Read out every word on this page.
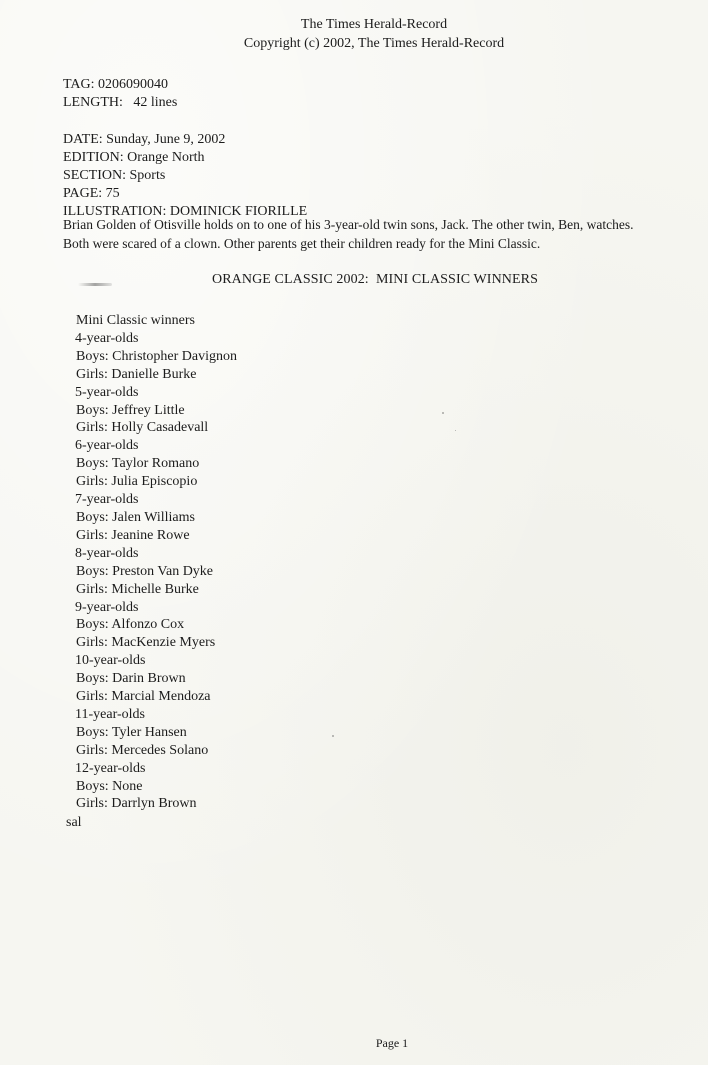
The Times Herald-Record
Copyright (c) 2002, The Times Herald-Record
TAG: 0206090040
LENGTH:   42 lines
DATE: Sunday, June 9, 2002
EDITION: Orange North
SECTION: Sports
PAGE: 75
ILLUSTRATION: DOMINICK FIORILLE
Brian Golden of Otisville holds on to one of his 3-year-old twin sons, Jack. The other twin, Ben, watches.
Both were scared of a clown. Other parents get their children ready for the Mini Classic.
ORANGE CLASSIC 2002:  MINI CLASSIC WINNERS
Mini Classic winners
4-year-olds
Boys: Christopher Davignon
Girls: Danielle Burke
5-year-olds
Boys: Jeffrey Little
Girls: Holly Casadevall
6-year-olds
Boys: Taylor Romano
Girls: Julia Episcopio
7-year-olds
Boys: Jalen Williams
Girls: Jeanine Rowe
8-year-olds
Boys: Preston Van Dyke
Girls: Michelle Burke
9-year-olds
Boys: Alfonzo Cox
Girls: MacKenzie Myers
10-year-olds
Boys: Darin Brown
Girls: Marcial Mendoza
11-year-olds
Boys: Tyler Hansen
Girls: Mercedes Solano
12-year-olds
Boys: None
Girls: Darrlyn Brown
sal
Page 1
